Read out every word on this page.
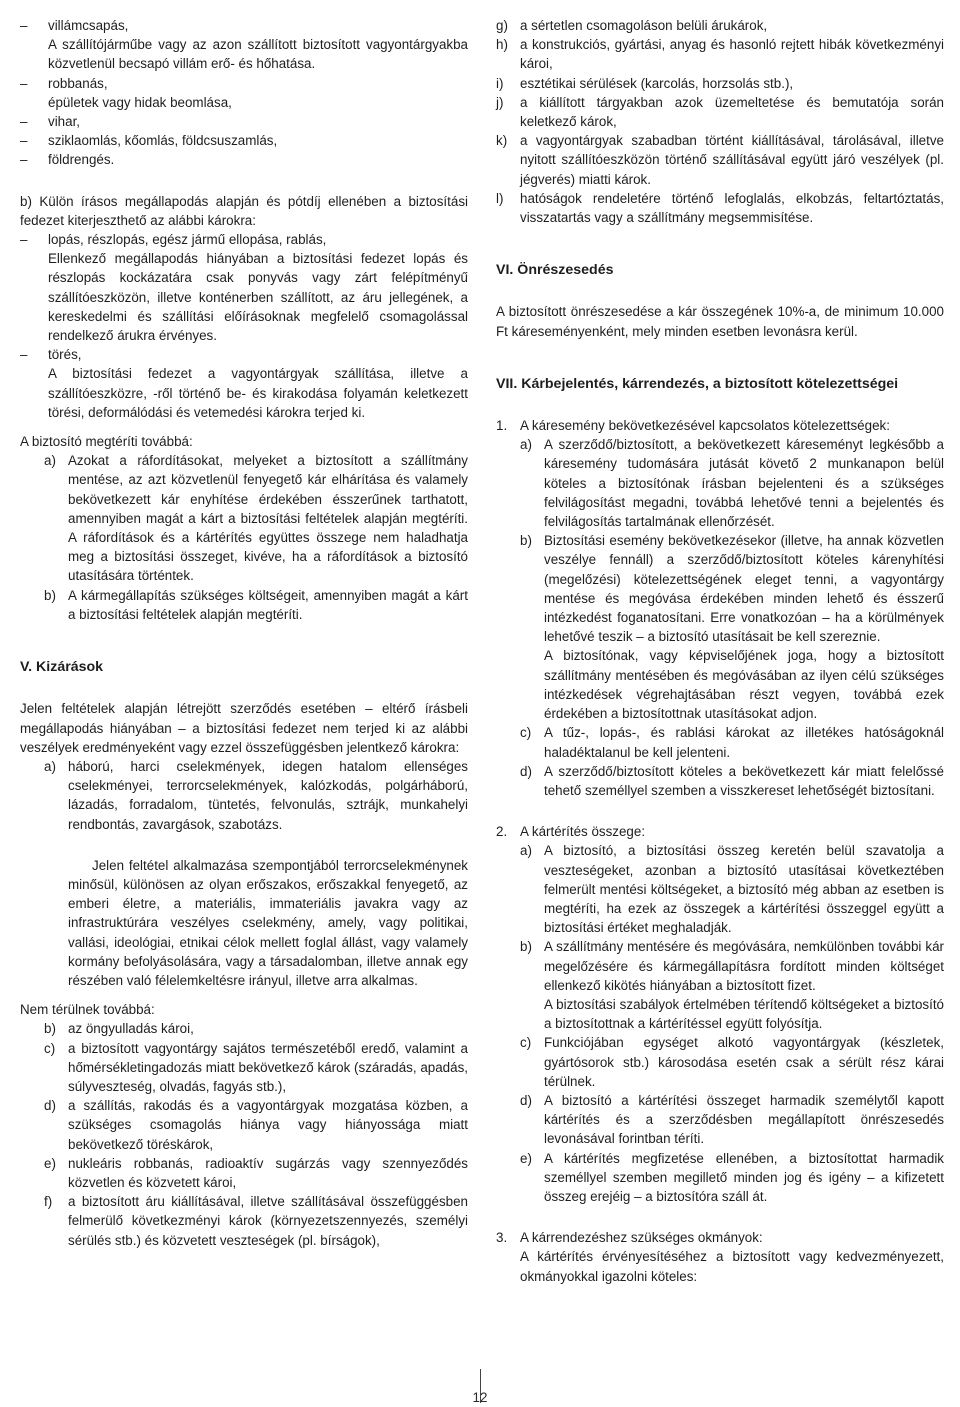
–	villámcsapás,

A szállítójárműbe vagy az azon szállított biztosított vagyontárgyakba közvetlenül becsapó villám erő- és hőhatása.

–	robbanás,
épületek vagy hidak beomlása,
–	vihar,
–	sziklaomlás, kőomlás, földcsuszamlás,
–	földrengés.

b) Külön írásos megállapodás alapján és pótdíj ellenében a biztosítási fedezet kiterjeszthető az alábbi károkra:

–	lopás, részlopás, egész jármű ellopása, rablás,

Ellenkező megállapodás hiányában a biztosítási fedezet lopás és részlopás kockázatára csak ponyvás vagy zárt felépítményű szállítóeszközön, illetve konténerben szállított, az áru jellegének, a kereskedelmi és szállítási előírásoknak megfelelő csomagolással rendelkező árukra érvényes.

–	törés,

A biztosítási fedezet a vagyontárgyak szállítása, illetve a szállítóeszközre, -ről történő be- és kirakodása folyamán keletkezett törési, deformálódási és vetemedési károkra terjed ki.

A biztosító megtéríti továbbá:

a) Azokat a ráfordításokat, melyeket a biztosított a szállítmány mentése, az azt közvetlenül fenyegető kár elhárítása és valamely bekövetkezett kár enyhítése érdekében ésszerűnek tarthatott, amennyiben magát a kárt a biztosítási feltételek alapján megtéríti. A ráfordítások és a kártérítés együttes összege nem haladhatja meg a biztosítási összeget, kivéve, ha a ráfordítások a biztosító utasítására történtek.
b) A kármegállapítás szükséges költségeit, amennyiben magát a kárt a biztosítási feltételek alapján megtéríti.
V. Kizárások

Jelen feltételek alapján létrejött szerződés esetében – eltérő írásbeli megállapodás hiányában – a biztosítási fedezet nem terjed ki az alábbi veszélyek eredményeként vagy ezzel összefüggésben jelentkező károkra:

a) háború, harci cselekmények, idegen hatalom ellenséges cselekményei, terrorcselekmények, kalózkodás, polgárháború, lázadás, forradalom, tüntetés, felvonulás, sztrájk, munkahelyi rendbontás, zavargások, szabotázs.
Jelen feltétel alkalmazása szempontjából terrorcselekménynek minősül, különösen az olyan erőszakos, erőszakkal fenyegető, az emberi életre, a materiális, immateriális javakra vagy az infrastruktúrára veszélyes cselekmény, amely, vagy politikai, vallási, ideológiai, etnikai célok mellett foglal állást, vagy valamely kormány befolyásolására, vagy a társadalomban, illetve annak egy részében való félelemkeltésre irányul, illetve arra alkalmas.

Nem térülnek továbbá:

b) az öngyulladás károi,
c) a biztosított vagyontárgy sajátos természetéből eredő, valamint a hőmérsékletingadozás miatt bekövetkező károk (száradás, apadás, súlyveszteség, olvadás, fagyás stb.),
d) a szállítás, rakodás és a vagyontárgyak mozgatása közben, a szükséges csomagolás hiánya vagy hiányossága miatt bekövetkező töréskárok,
e) nukleáris robbanás, radioaktív sugárzás vagy szennyeződés közvetlen és közvetett károi,
f)	a biztosított áru kiállításával, illetve szállításával összefüggésben felmerülő következményi károk (környezetszennyezés, személyi sérülés stb.) és közvetett veszteségek (pl. bírságok),
g) a sértetlen csomagoláson belüli árukárok,
h) a konstrukciós, gyártási, anyag és hasonló rejtett hibák következményi károi,
i)	esztétikai sérülések (karcolás, horzsolás stb.),
j)	a kiállított tárgyakban azok üzemeltetése és bemutatója során keletkező károk,
k) a vagyontárgyak szabadban történt kiállításával, tárolásával, illetve nyitott szállítóeszközön történő szállításával együtt járó veszélyek (pl. jégverés) miatti károk.
l)	hatóságok rendeletére történő lefoglalás, elkobzás, feltartóztatás, visszatartás vagy a szállítmány megsemmisítése.
VI. Önrészesedés

A biztosított önrészesedése a kár összegének 10%-a, de minimum 10.000 Ft káreseményenként, mely minden esetben levonásra kerül.

VII. Kárbejelentés, kárrendezés, a biztosított kötelezettségei
1. A káresemény bekövetkezésével kapcsolatos kötelezettségek:
a) A szerződő/biztosított, a bekövetkezett káreseményt legkésőbb a káresemény tudomására jutását követő 2 munkanapon belül köteles a biztosítónak írásban bejelenteni és a szükséges felvilágosítást megadni, továbbá lehetővé tenni a bejelentés és felvilágosítás tartalmának ellenőrzését.
b) Biztosítási esemény bekövetkezésekor (illetve, ha annak közvetlen veszélye fennáll) a szerződő/biztosított köteles kárenyhítési (megelőzési) kötelezettségének eleget tenni, a vagyontárgy mentése és megóvása érdekében minden lehető és ésszerű intézkedést foganatosítani. Erre vonatkozóan – ha a körülmények lehetővé teszik – a biztosító utasításait be kell szereznie.

A biztosítónak, vagy képviselőjének joga, hogy a biztosított szállítmány mentésében és megóvásában az ilyen célú szükséges intézkedések végrehajtásában részt vegyen, továbbá ezek érdekében a biztosítottnak utasításokat adjon.

c) A tűz-, lopás-, és rablási károkat az illetékes hatóságoknál haladéktalanul be kell jelenteni.
d) A szerződő/biztosított köteles a bekövetkezett kár miatt felelőssé tehető személlyel szemben a visszkereset lehetőségét biztosítani.
2. A kártérítés összege:
a) A biztosító, a biztosítási összeg keretén belül szavatolja a veszteségeket, azonban a biztosító utasításai következtében felmerült mentési költségeket, a biztosító még abban az esetben is megtéríti, ha ezek az összegek a kártérítési összeggel együtt a biztosítási értéket meghaladják.
b) A szállítmány mentésére és megóvására, nemkülönben további kár megelőzésére és kármegállapításra fordított minden költséget ellenkező kikötés hiányában a biztosított fizet.

A biztosítási szabályok értelmében térítendő költségeket a biztosító a biztosítottnak a kártérítéssel együtt folyósítja.

c) Funkciójában egységet alkotó vagyontárgyak (készletek, gyártósorok stb.) károsodása esetén csak a sérült rész kárai térülnek.
d) A biztosító a kártérítési összeget harmadik személytől kapott kártérítés és a szerződésben megállapított önrészesedés levonásával forintban téríti.
e) A kártérítés megfizetése ellenében, a biztosítottat harmadik személlyel szemben megillető minden jog és igény – a kifizetett összeg erejéig – a biztosítóra száll át.
3. A kárrendezéshez szükséges okmányok:

A kártérítés érvényesítéséhez a biztosított vagy kedvezményezett, okmányokkal igazolni köteles:

12
